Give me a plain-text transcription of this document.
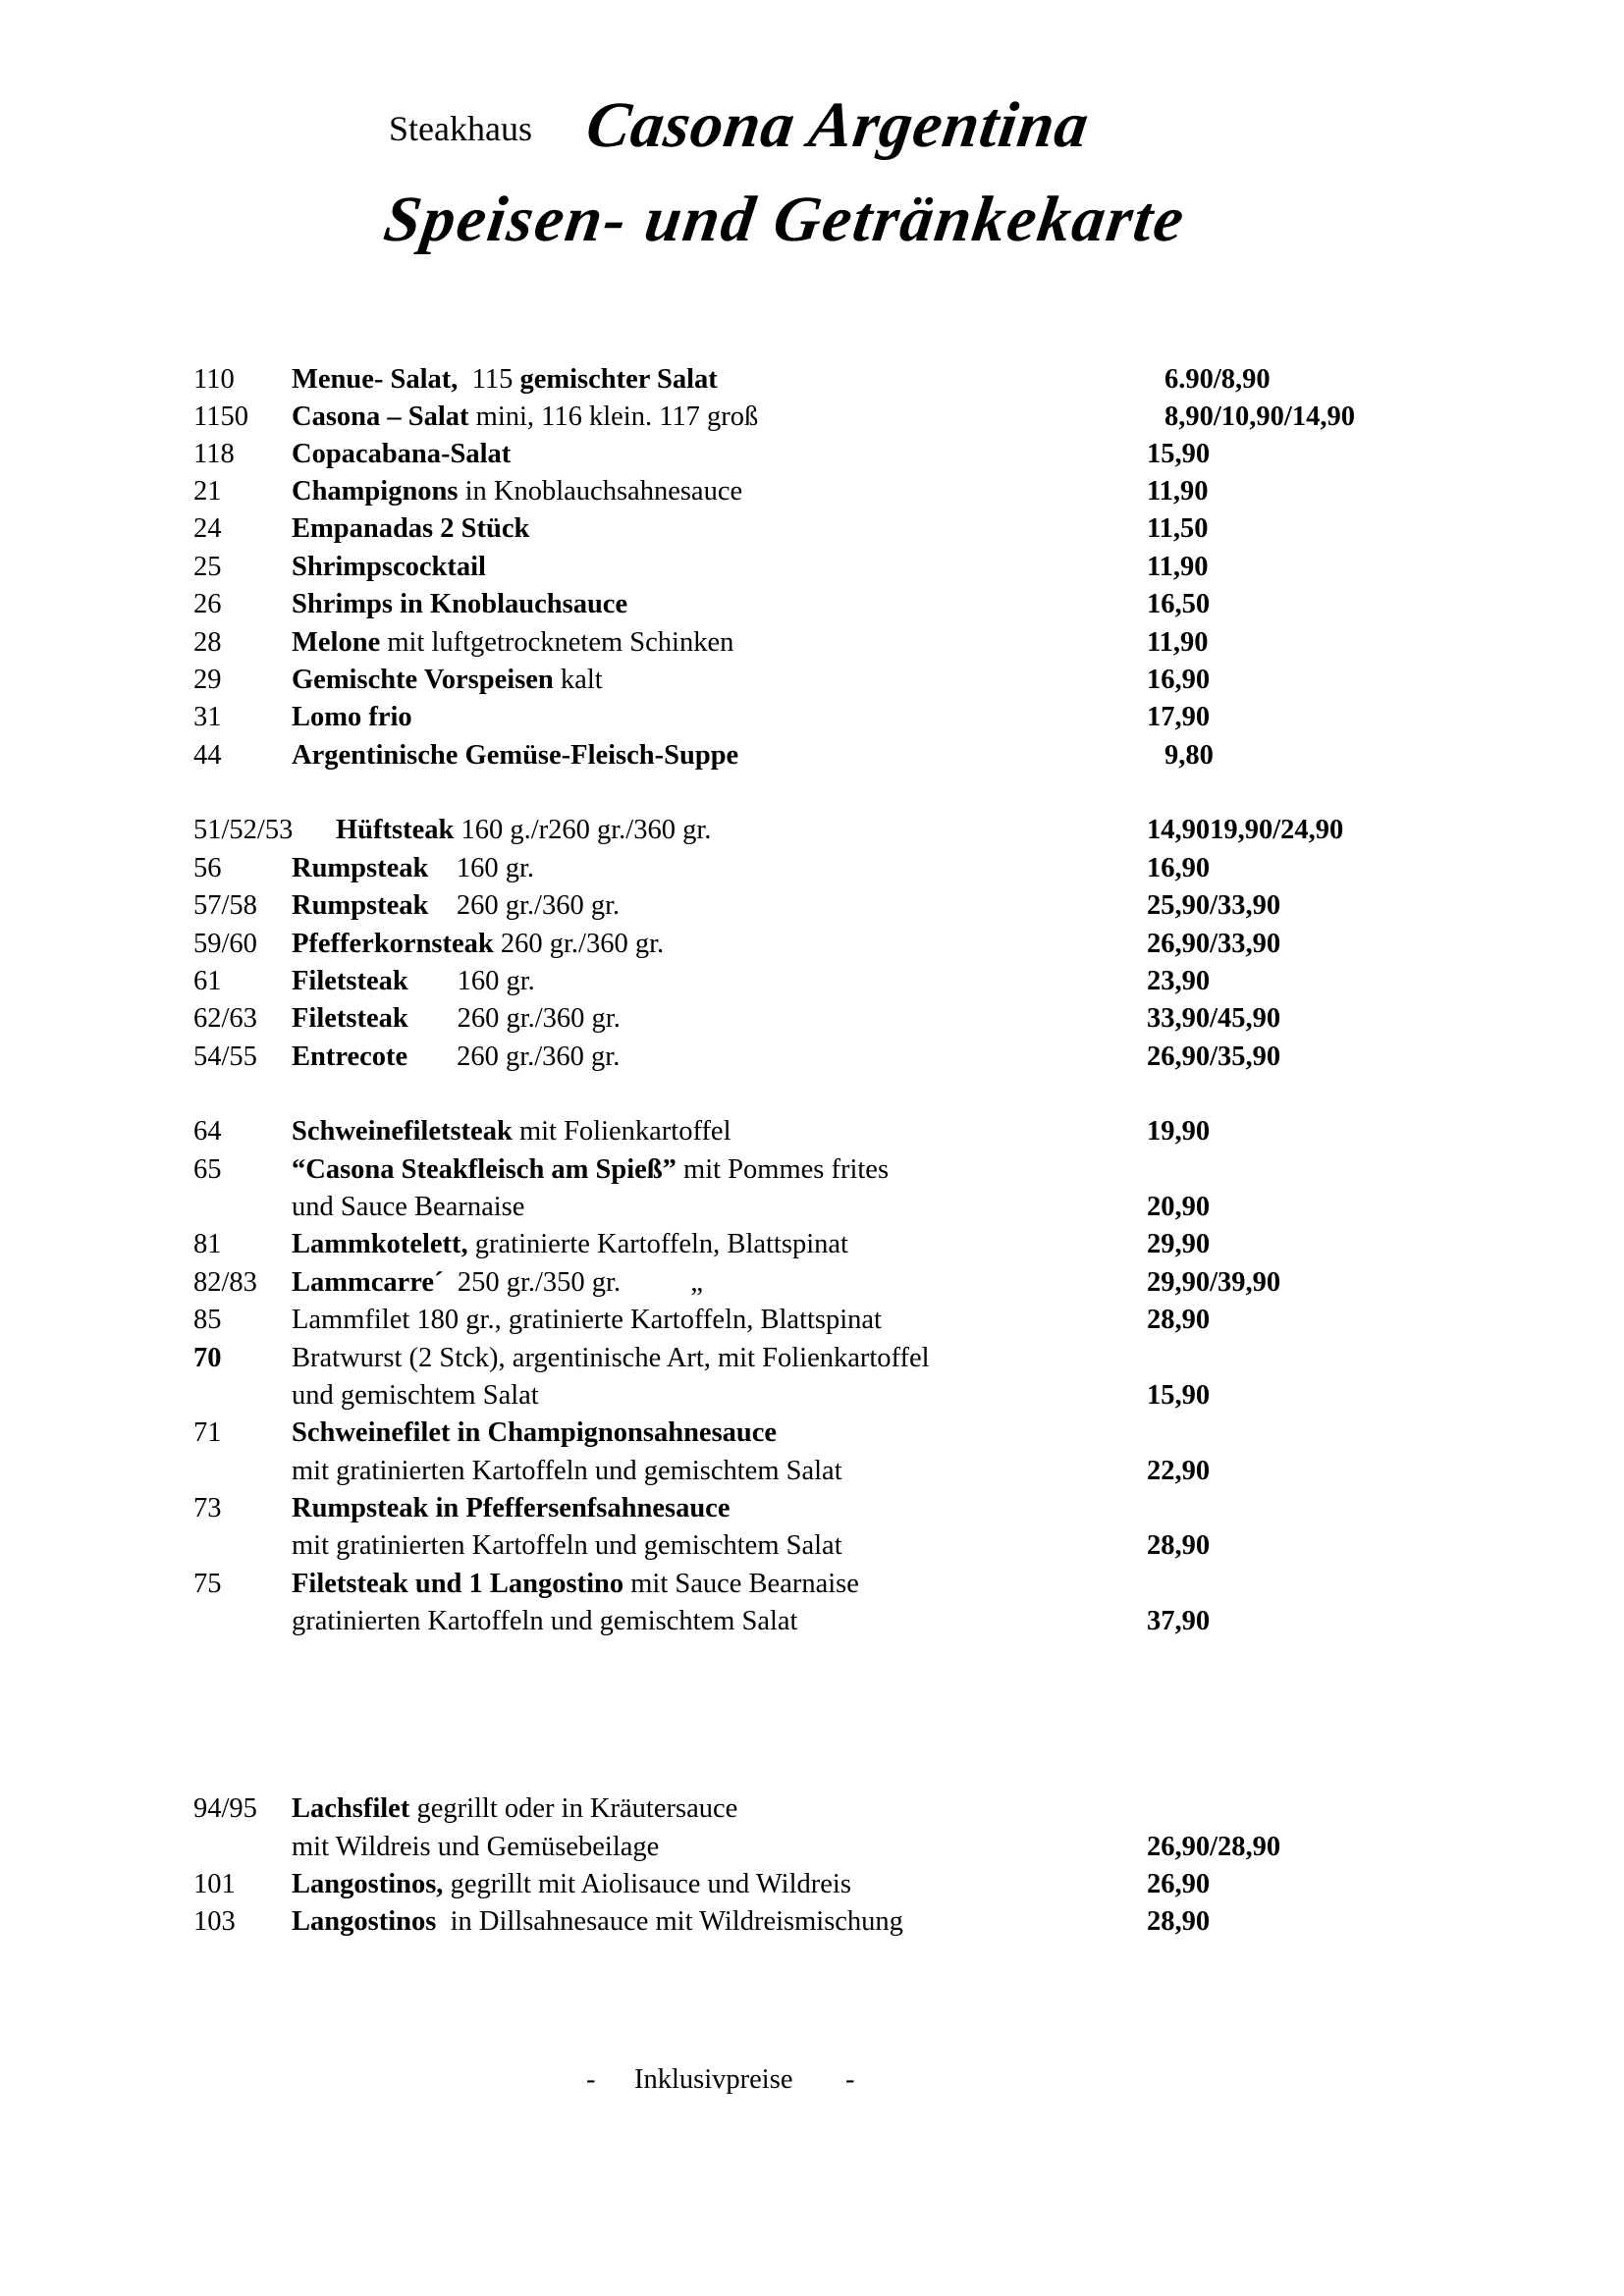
Steakhaus Casona Argentina
Speisen- und Getränkekarte
110 Menue- Salat,  115 gemischter Salat	6.90/8,90
1150 Casona – Salat mini, 116 klein. 117 groß	8,90/10,90/14,90
118 Copacabana-Salat	15,90
21	Champignons in Knoblauchsahnesauce	11,90
24	Empanadas 2 Stück	11,50
25	Shrimpscocktail	11,90
26	Shrimps in Knoblauchsauce	16,50
28	Melone mit luftgetrocknetem Schinken	11,90
29	Gemischte Vorspeisen kalt	16,90
31	Lomo frio	17,90
44	Argentinische Gemüse-Fleisch-Suppe	9,80
51/52/53 Hüftsteak 160 g./r260 gr./360 gr.	14,9019,90/24,90
56	Rumpsteak    160 gr.	16,90
57/58 Rumpsteak    260 gr./360 gr.	25,90/33,90
59/60 Pfefferkornsteak 260 gr./360 gr.	26,90/33,90
61	Filetsteak       160 gr.	23,90
62/63 Filetsteak       260 gr./360 gr.	33,90/45,90
54/55 Entrecote       260 gr./360 gr.	26,90/35,90
64	Schweinefiletsteak mit Folienkartoffel	19,90
65	“Casona Steakfleisch am Spieß” mit Pommes frites
und Sauce Bearnaise	20,90
81	Lammkotelett, gratinierte Kartoffeln, Blattspinat	29,90
82/83 Lammcarre´  250 gr./350 gr.          „	29,90/39,90
85	Lammfilet 180 gr., gratinierte Kartoffeln, Blattspinat	28,90
70	Bratwurst (2 Stck), argentinische Art, mit Folienkartoffel
und gemischtem Salat	15,90
71	Schweinefilet in Champignonsahnesauce
mit gratinierten Kartoffeln und gemischtem Salat	22,90
73	Rumpsteak in Pfeffersenfsahnesauce
mit gratinierten Kartoffeln und gemischtem Salat	28,90
75	Filetsteak und 1 Langostino mit Sauce Bearnaise
gratinierten Kartoffeln und gemischtem Salat	37,90
94/95 Lachsfilet gegrillt oder in Kräutersauce
mit Wildreis und Gemüsebeilage	26,90/28,90
101 Langostinos, gegrillt mit Aiolisauce und Wildreis	26,90
103 Langostinos  in Dillsahnesauce mit Wildreismischung	28,90
- Inklusivpreise -
